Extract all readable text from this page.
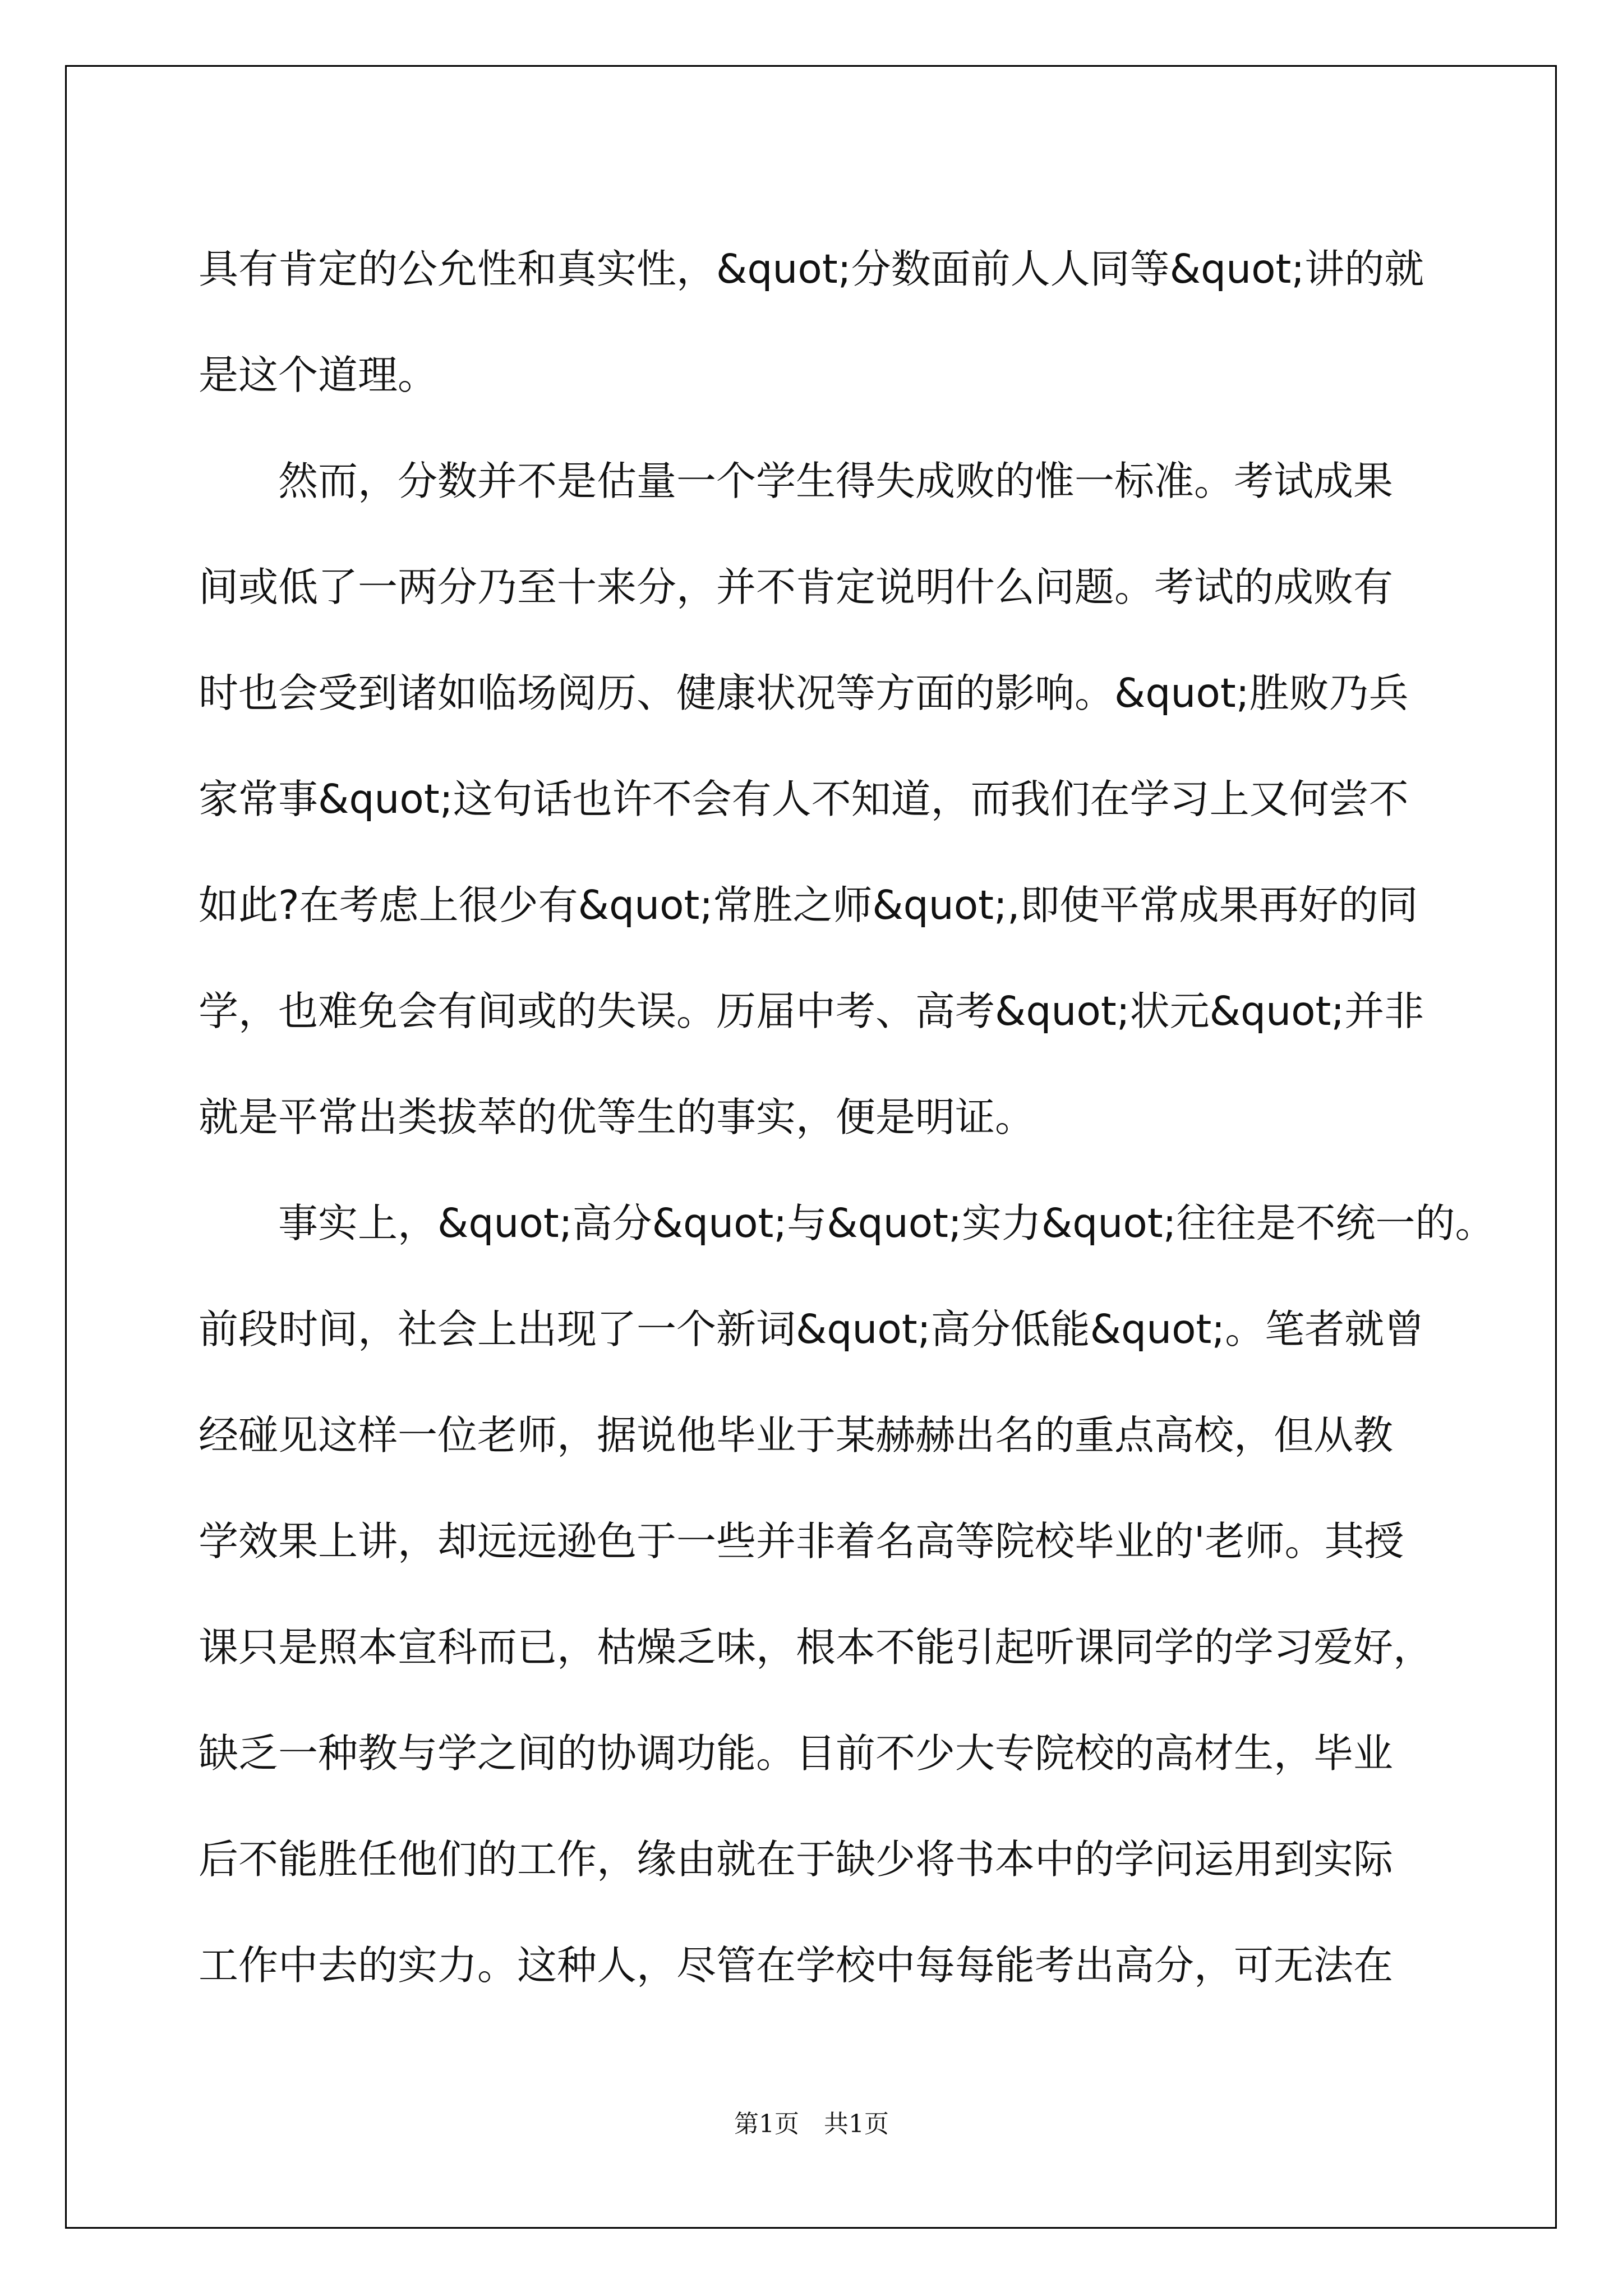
具有肯定的公允性和真实性，&quot;分数面前人人同等&quot;讲的就
是这个道理。
　　然而，分数并不是估量一个学生得失成败的惟一标准。考试成果
间或低了一两分乃至十来分，并不肯定说明什么问题。考试的成败有
时也会受到诸如临场阅历、健康状况等方面的影响。&quot;胜败乃兵
家常事&quot;这句话也许不会有人不知道，而我们在学习上又何尝不
如此?在考虑上很少有&quot;常胜之师&quot;,即使平常成果再好的同
学，也难免会有间或的失误。历届中考、高考&quot;状元&quot;并非
就是平常出类拔萃的优等生的事实，便是明证。
　　事实上，&quot;高分&quot;与&quot;实力&quot;往往是不统一的。
前段时间，社会上出现了一个新词&quot;高分低能&quot;。笔者就曾
经碰见这样一位老师，据说他毕业于某赫赫出名的重点高校，但从教
学效果上讲，却远远逊色于一些并非着名高等院校毕业的'老师。其授
课只是照本宣科而已，枯燥乏味，根本不能引起听课同学的学习爱好，
缺乏一种教与学之间的协调功能。目前不少大专院校的高材生，毕业
后不能胜任他们的工作，缘由就在于缺少将书本中的学问运用到实际
工作中去的实力。这种人，尽管在学校中每每能考出高分，可无法在
第1页　共1页
